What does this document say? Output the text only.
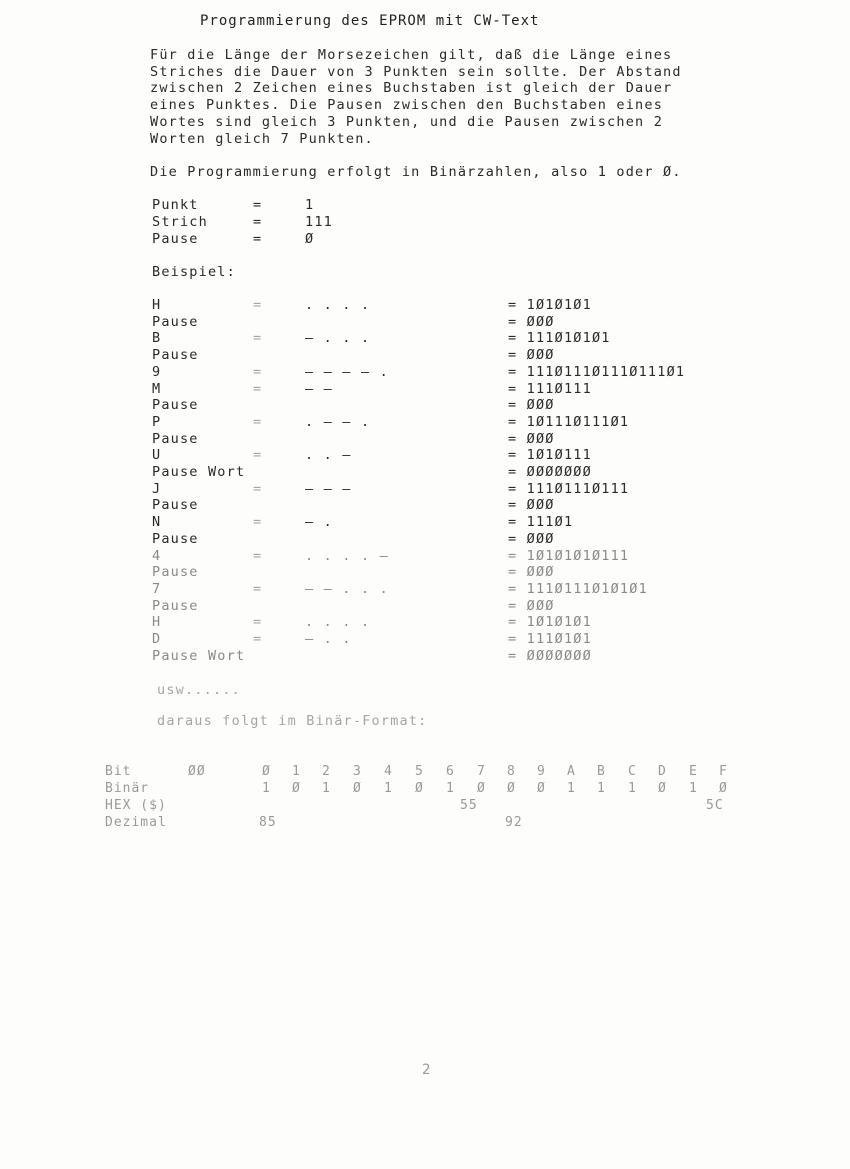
Programmierung des EPROM mit CW-Text
Für die Länge der Morsezeichen gilt, daß die Länge eines
Striches die Dauer von 3 Punkten sein sollte. Der Abstand
zwischen 2 Zeichen eines Buchstaben ist gleich der Dauer
eines Punktes. Die Pausen zwischen den Buchstaben eines
Wortes sind gleich 3 Punkten, und die Pausen zwischen 2
Worten gleich 7 Punkten.
Die Programmierung erfolgt in Binärzahlen, also 1 oder Ø.
Punkt	=	1
Strich	=	111
Pause	=	Ø
Beispiel:
H	=	. . . .	= 1Ø1Ø1Ø1
Pause	= ØØØ
B	=	— . . .	= 111Ø1Ø1Ø1
Pause	= ØØØ
9	=	— — — — .	= 111Ø111Ø111Ø111Ø1
M	=	— —	= 111Ø111
Pause	= ØØØ
P	=	. — — .	= 1Ø111Ø111Ø1
Pause	= ØØØ
U	=	. . —	= 1Ø1Ø111
Pause Wort	= ØØØØØØØ
J	=	— — —	= 111Ø111Ø111
Pause	= ØØØ
N	=	— .	= 111Ø1
Pause	= ØØØ
4	=	. . . . —	= 1Ø1Ø1Ø1Ø111
Pause	= ØØØ
7	=	— — . . .	= 111Ø111Ø1Ø1Ø1
Pause	= ØØØ
H	=	. . . .	= 1Ø1Ø1Ø1
D	=	— . .	= 111Ø1Ø1
Pause Wort	= ØØØØØØØ
usw......
daraus folgt im Binär-Format:
Bit	ØØ	Ø 1 2 3 4 5 6 7 8 9 A B C D E F
Binär	1 Ø 1 Ø 1 Ø 1 Ø Ø Ø 1 1 1 Ø 1 Ø
HEX ($)	55	5C
Dezimal	85	92
2
